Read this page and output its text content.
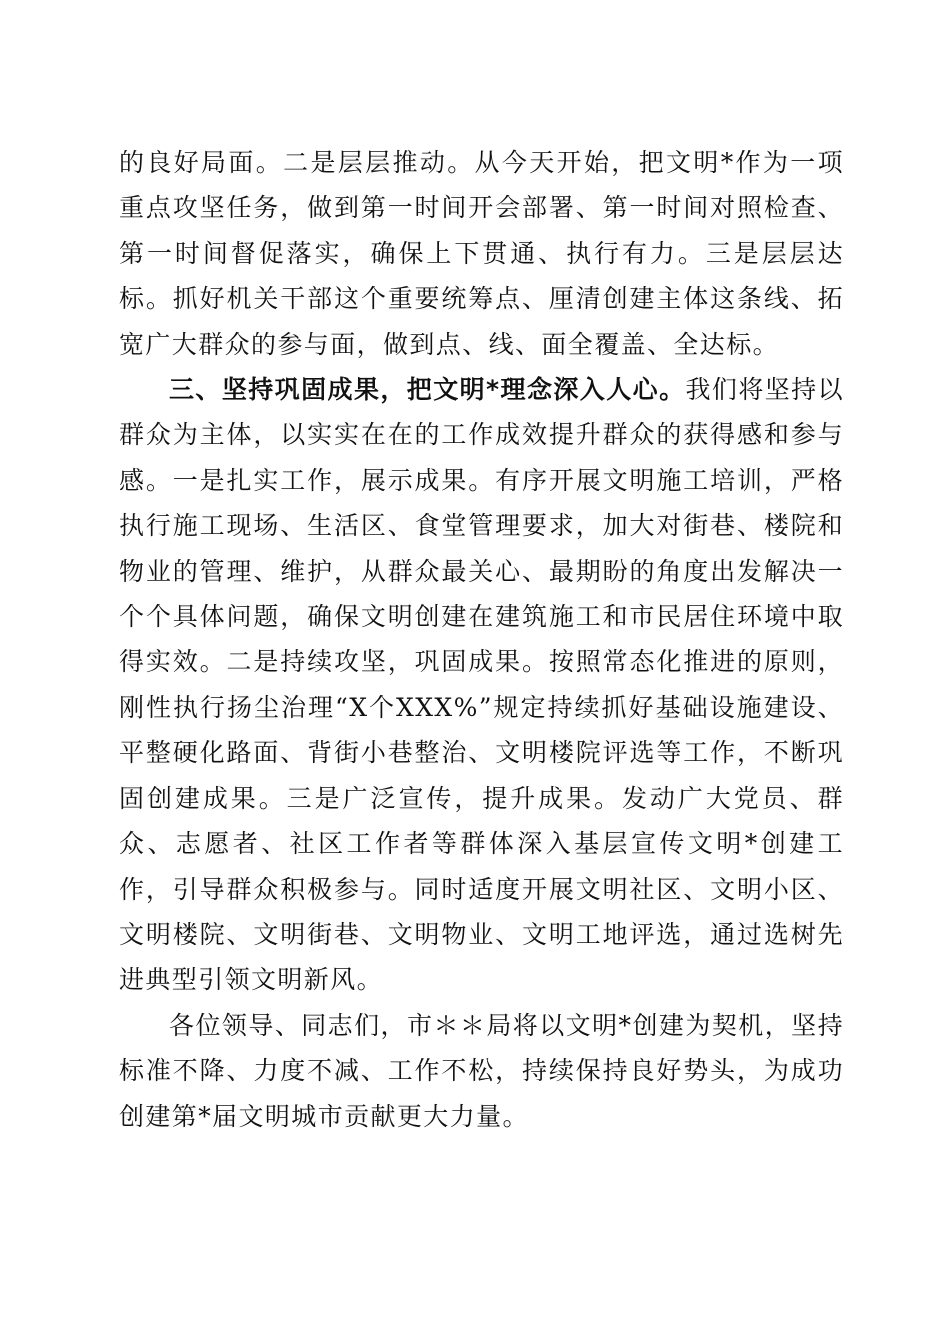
的良好局面。二是层层推动。从今天开始，把文明*作为一项重点攻坚任务，做到第一时间开会部署、第一时间对照检查、第一时间督促落实，确保上下贯通、执行有力。三是层层达标。抓好机关干部这个重要统筹点、厘清创建主体这条线、拓宽广大群众的参与面，做到点、线、面全覆盖、全达标。

三、坚持巩固成果，把文明*理念深入人心。我们将坚持以群众为主体，以实实在在的工作成效提升群众的获得感和参与感。一是扎实工作，展示成果。有序开展文明施工培训，严格执行施工现场、生活区、食堂管理要求，加大对街巷、楼院和物业的管理、维护，从群众最关心、最期盼的角度出发解决一个个具体问题，确保文明创建在建筑施工和市民居住环境中取得实效。二是持续攻坚，巩固成果。按照常态化推进的原则，刚性执行扬尘治理“X个XXX%”规定持续抓好基础设施建设、平整硬化路面、背街小巷整治、文明楼院评选等工作，不断巩固创建成果。三是广泛宣传，提升成果。发动广大党员、群众、志愿者、社区工作者等群体深入基层宣传文明*创建工作，引导群众积极参与。同时适度开展文明社区、文明小区、文明楼院、文明街巷、文明物业、文明工地评选，通过选树先进典型引领文明新风。

各位领导、同志们，市＊＊局将以文明*创建为契机，坚持标准不降、力度不减、工作不松，持续保持良好势头，为成功创建第*届文明城市贡献更大力量。
